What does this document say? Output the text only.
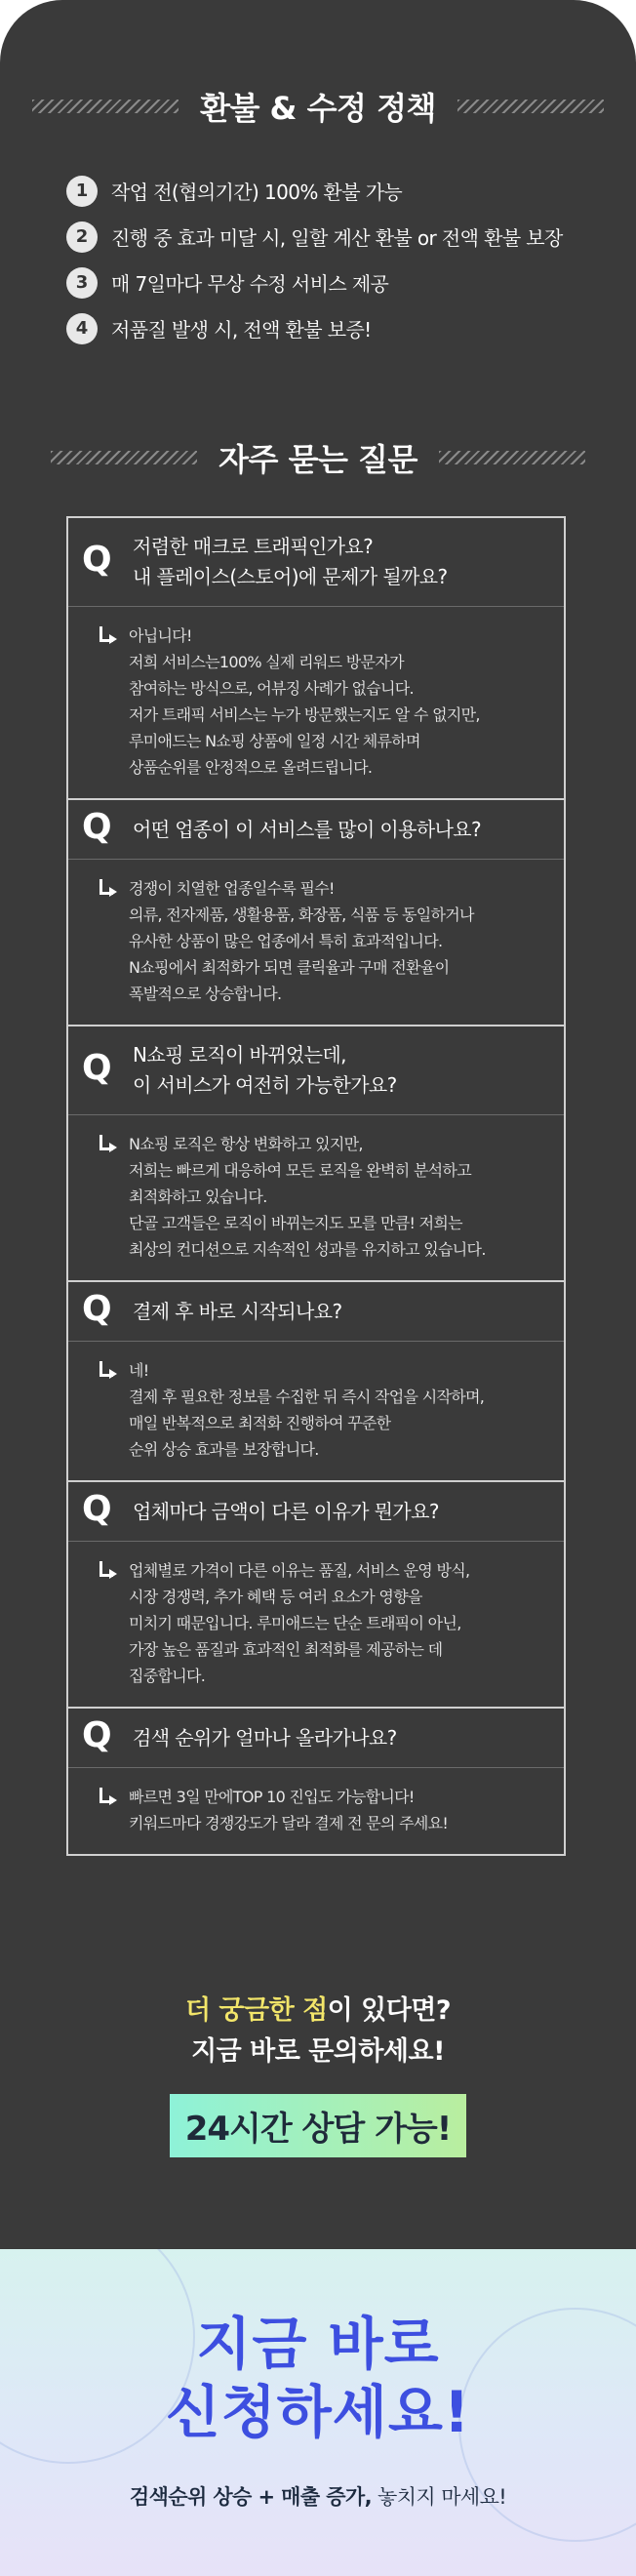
환불 & 수정 정책
1	작업 전(협의기간) 100% 환불 가능
2	진행 중 효과 미달 시, 일할 계산 환불 or 전액 환불 보장
3	매 7일마다 무상 수정 서비스 제공
4	저품질 발생 시, 전액 환불 보증!
자주 묻는 질문
Q	저렴한 매크로 트래픽인가요?
내 플레이스(스토어)에 문제가 될까요?
아닙니다!
저희 서비스는100% 실제 리워드 방문자가
참여하는 방식으로, 어뷰징 사례가 없습니다.
저가 트래픽 서비스는 누가 방문했는지도 알 수 없지만,
루미애드는 N쇼핑 상품에 일정 시간 체류하며
상품순위를 안정적으로 올려드립니다.
Q	어떤 업종이 이 서비스를 많이 이용하나요?
경쟁이 치열한 업종일수록 필수!
의류, 전자제품, 생활용품, 화장품, 식품 등 동일하거나
유사한 상품이 많은 업종에서 특히 효과적입니다.
N쇼핑에서 최적화가 되면 클릭율과 구매 전환율이
폭발적으로 상승합니다.
Q	N쇼핑 로직이 바뀌었는데,
이 서비스가 여전히 가능한가요?
N쇼핑 로직은 항상 변화하고 있지만,
저희는 빠르게 대응하여 모든 로직을 완벽히 분석하고
최적화하고 있습니다.
단골 고객들은 로직이 바뀌는지도 모를 만큼! 저희는
최상의 컨디션으로 지속적인 성과를 유지하고 있습니다.
Q	결제 후 바로 시작되나요?
네!
결제 후 필요한 정보를 수집한 뒤 즉시 작업을 시작하며,
매일 반복적으로 최적화 진행하여 꾸준한
순위 상승 효과를 보장합니다.
Q	업체마다 금액이 다른 이유가 뭔가요?
업체별로 가격이 다른 이유는 품질, 서비스 운영 방식,
시장 경쟁력, 추가 혜택 등 여러 요소가 영향을
미치기 때문입니다. 루미애드는 단순 트래픽이 아닌,
가장 높은 품질과 효과적인 최적화를 제공하는 데
집중합니다.
Q	검색 순위가 얼마나 올라가나요?
빠르면 3일 만에TOP 10 진입도 가능합니다!
키워드마다 경쟁강도가 달라 결제 전 문의 주세요!
더 궁금한 점이 있다면?
지금 바로 문의하세요!
24시간 상담 가능!
지금 바로
신청하세요!
검색순위 상승 + 매출 증가, 놓치지 마세요!
